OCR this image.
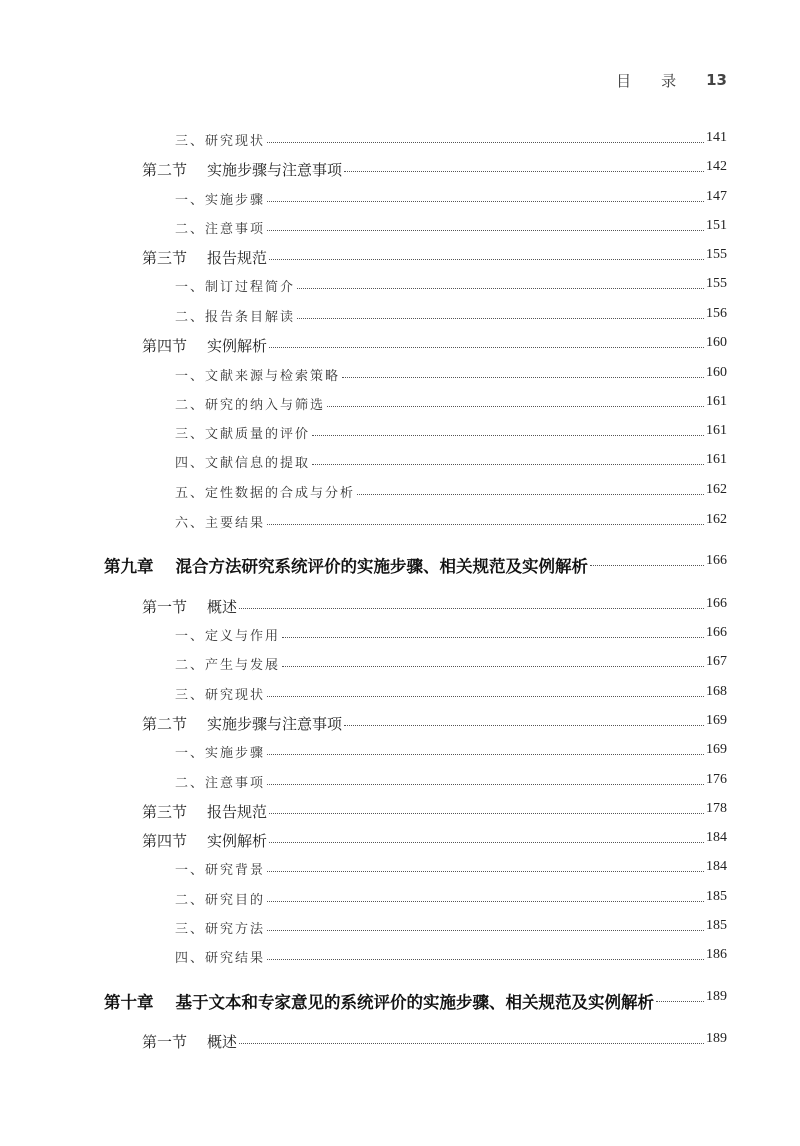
目 录 13
三、研究现状	141
第二节 实施步骤与注意事项	142
一、实施步骤	147
二、注意事项	151
第三节 报告规范	155
一、制订过程简介	155
二、报告条目解读	156
第四节 实例解析	160
一、文献来源与检索策略	160
二、研究的纳入与筛选	161
三、文献质量的评价	161
四、文献信息的提取	161
五、定性数据的合成与分析	162
六、主要结果	162
第九章 混合方法研究系统评价的实施步骤、相关规范及实例解析	166
第一节 概述	166
一、定义与作用	166
二、产生与发展	167
三、研究现状	168
第二节 实施步骤与注意事项	169
一、实施步骤	169
二、注意事项	176
第三节 报告规范	178
第四节 实例解析	184
一、研究背景	184
二、研究目的	185
三、研究方法	185
四、研究结果	186
第十章 基于文本和专家意见的系统评价的实施步骤、相关规范及实例解析	189
第一节 概述	189
